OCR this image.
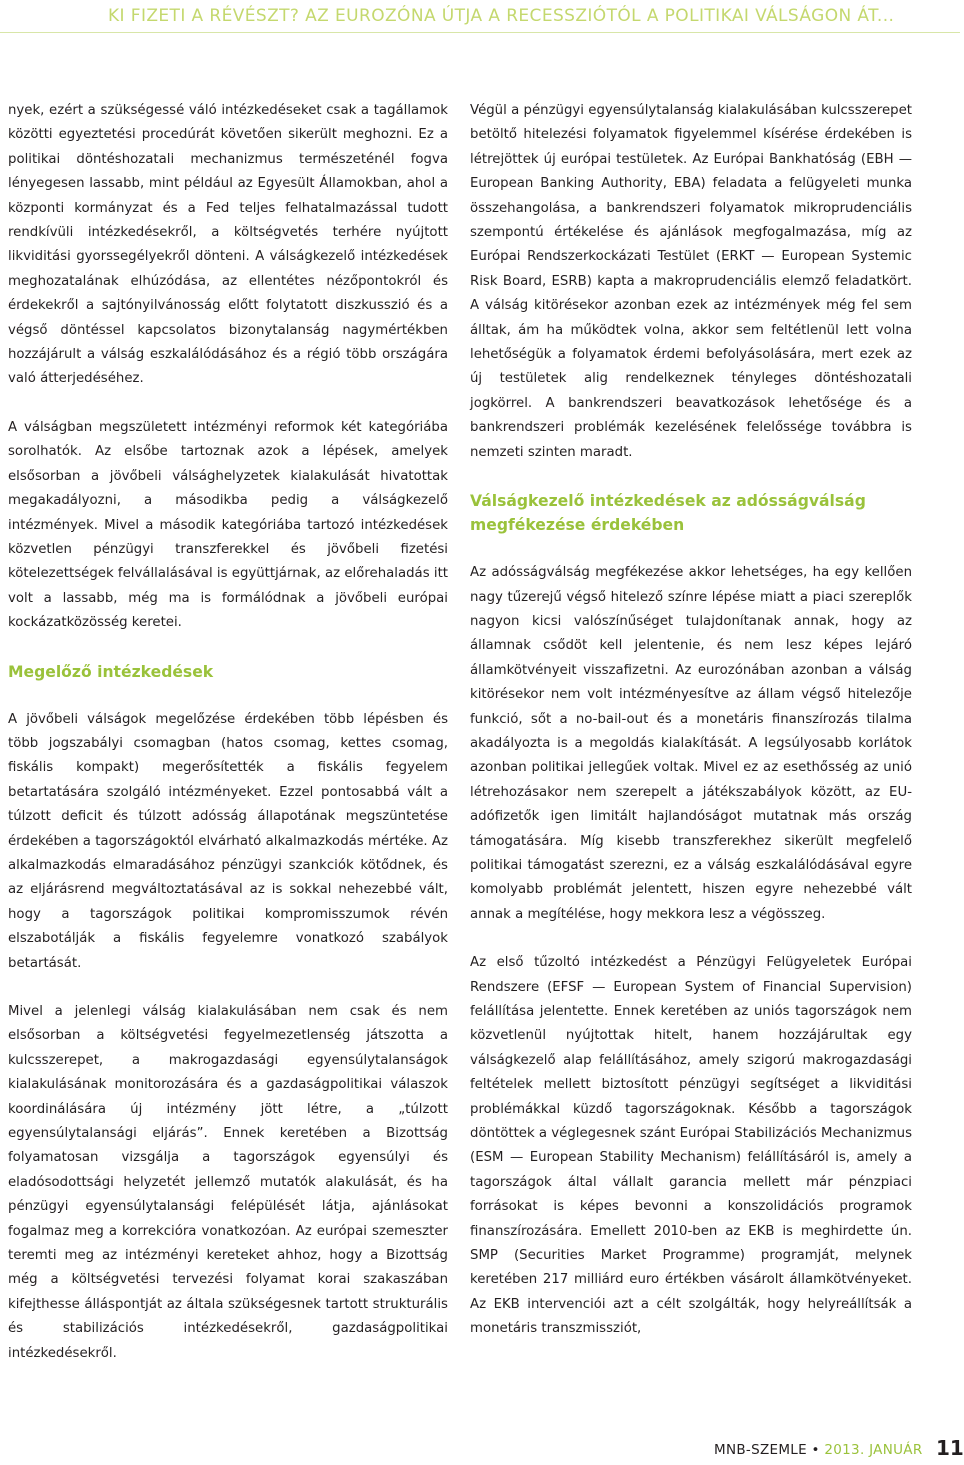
KI FIZETI A RÉVÉSZT? AZ EUROZÓNA ÚTJA A RECESSZIÓTÓL A POLITIKAI VÁLSÁGON ÁT...

nyek, ezért a szükségessé váló intézkedéseket csak a tagállamok közötti egyeztetési procedúrát követően sikerült meghozni. Ez a politikai döntéshozatali mechanizmus természeténél fogva lényegesen lassabb, mint például az Egyesült Államokban, ahol a központi kormányzat és a Fed teljes felhatalmazással tudott rendkívüli intézkedésekről, a költségvetés terhére nyújtott likviditási gyorssegélyekről dönteni. A válságkezelő intézkedések meghozatalának elhúzódása, az ellentétes nézőpontokról és érdekekről a sajtónyilvánosság előtt folytatott diszkusszió és a végső döntéssel kapcsolatos bizonytalanság nagymértékben hozzájárult a válság eszkalálódásához és a régió több országára való átterjedéséhez.

A válságban megszületett intézményi reformok két kategóriába sorolhatók. Az elsőbe tartoznak azok a lépések, amelyek elsősorban a jövőbeli válsághelyzetek kialakulását hivatottak megakadályozni, a másodikba pedig a válságkezelő intézmények. Mivel a második kategóriába tartozó intézkedések közvetlen pénzügyi transzferekkel és jövőbeli fizetési kötelezettségek felvállalásával is együttjárnak, az előrehaladás itt volt a lassabb, még ma is formálódnak a jövőbeli európai kockázatközösség keretei.

Megelőző intézkedések

A jövőbeli válságok megelőzése érdekében több lépésben és több jogszabályi csomagban (hatos csomag, kettes csomag, fiskális kompakt) megerősítették a fiskális fegyelem betartatására szolgáló intézményeket. Ezzel pontosabbá vált a túlzott deficit és túlzott adósság állapotának megszüntetése érdekében a tagországoktól elvárható alkalmazkodás mértéke. Az alkalmazkodás elmaradásához pénzügyi szankciók kötődnek, és az eljárásrend megváltoztatásával az is sokkal nehezebbé vált, hogy a tagországok politikai kompromisszumok révén elszabotálják a fiskális fegyelemre vonatkozó szabályok betartását.

Mivel a jelenlegi válság kialakulásában nem csak és nem elsősorban a költségvetési fegyelmezetlenség játszotta a kulcsszerepet, a makrogazdasági egyensúlytalanságok kialakulásának monitorozására és a gazdaságpolitikai válaszok koordinálására új intézmény jött létre, a „túlzott egyensúlytalansági eljárás”. Ennek keretében a Bizottság folyamatosan vizsgálja a tagországok egyensúlyi és eladósodottsági helyzetét jellemző mutatók alakulását, és ha pénzügyi egyensúlytalansági felépülését látja, ajánlásokat fogalmaz meg a korrekcióra vonatkozóan. Az európai szemeszter teremti meg az intézményi kereteket ahhoz, hogy a Bizottság még a költségvetési tervezési folyamat korai szakaszában kifejthesse álláspontját az általa szükségesnek tartott strukturális és stabilizációs intézkedésekről, gazdaságpolitikai intézkedésekről.

Végül a pénzügyi egyensúlytalanság kialakulásában kulcsszerepet betöltő hitelezési folyamatok figyelemmel kísérése érdekében is létrejöttek új európai testületek. Az Európai Bankhatóság (EBH — European Banking Authority, EBA) feladata a felügyeleti munka összehangolása, a bankrendszeri folyamatok mikroprudenciális szempontú értékelése és ajánlások megfogalmazása, míg az Európai Rendszerkockázati Testület (ERKT — European Systemic Risk Board, ESRB) kapta a makroprudenciális elemző feladatkört. A válság kitörésekor azonban ezek az intézmények még fel sem álltak, ám ha működtek volna, akkor sem feltétlenül lett volna lehetőségük a folyamatok érdemi befolyásolására, mert ezek az új testületek alig rendelkeznek tényleges döntéshozatali jogkörrel. A bankrendszeri beavatkozások lehetősége és a bankrendszeri problémák kezelésének felelőssége továbbra is nemzeti szinten maradt.

Válságkezelő intézkedések az adósságválság megfékezése érdekében

Az adósságválság megfékezése akkor lehetséges, ha egy kellően nagy tűzerejű végső hitelező színre lépése miatt a piaci szereplők nagyon kicsi valószínűséget tulajdonítanak annak, hogy az államnak csődöt kell jelentenie, és nem lesz képes lejáró államkötvényeit visszafizetni. Az eurozónában azonban a válság kitörésekor nem volt intézményesítve az állam végső hitelezője funkció, sőt a no-bail-out és a monetáris finanszírozás tilalma akadályozta is a megoldás kialakítását. A legsúlyosabb korlátok azonban politikai jellegűek voltak. Mivel ez az esethősség az unió létrehozásakor nem szerepelt a játékszabályok között, az EU-adófizetők igen limitált hajlandóságot mutatnak más ország támogatására. Míg kisebb transzferekhez sikerült megfelelő politikai támogatást szerezni, ez a válság eszkalálódásával egyre komolyabb problémát jelentett, hiszen egyre nehezebbé vált annak a megítélése, hogy mekkora lesz a végösszeg.

Az első tűzoltó intézkedést a Pénzügyi Felügyeletek Európai Rendszere (EFSF — European System of Financial Supervision) felállítása jelentette. Ennek keretében az uniós tagországok nem közvetlenül nyújtottak hitelt, hanem hozzájárultak egy válságkezelő alap felállításához, amely szigorú makrogazdasági feltételek mellett biztosított pénzügyi segítséget a likviditási problémákkal küzdő tagországoknak. Később a tagországok döntöttek a véglegesnek szánt Európai Stabilizációs Mechanizmus (ESM — European Stability Mechanism) felállításáról is, amely a tagországok által vállalt garancia mellett már pénzpiaci forrásokat is képes bevonni a konszolidációs programok finanszírozására. Emellett 2010-ben az EKB is meghirdette ún. SMP (Securities Market Programme) programját, melynek keretében 217 milliárd euro értékben vásárolt államkötvényeket. Az EKB intervenciói azt a célt szolgálták, hogy helyreállítsák a monetáris transzmissziót,

MNB-SZEMLE • 2013. JANUÁR 11
